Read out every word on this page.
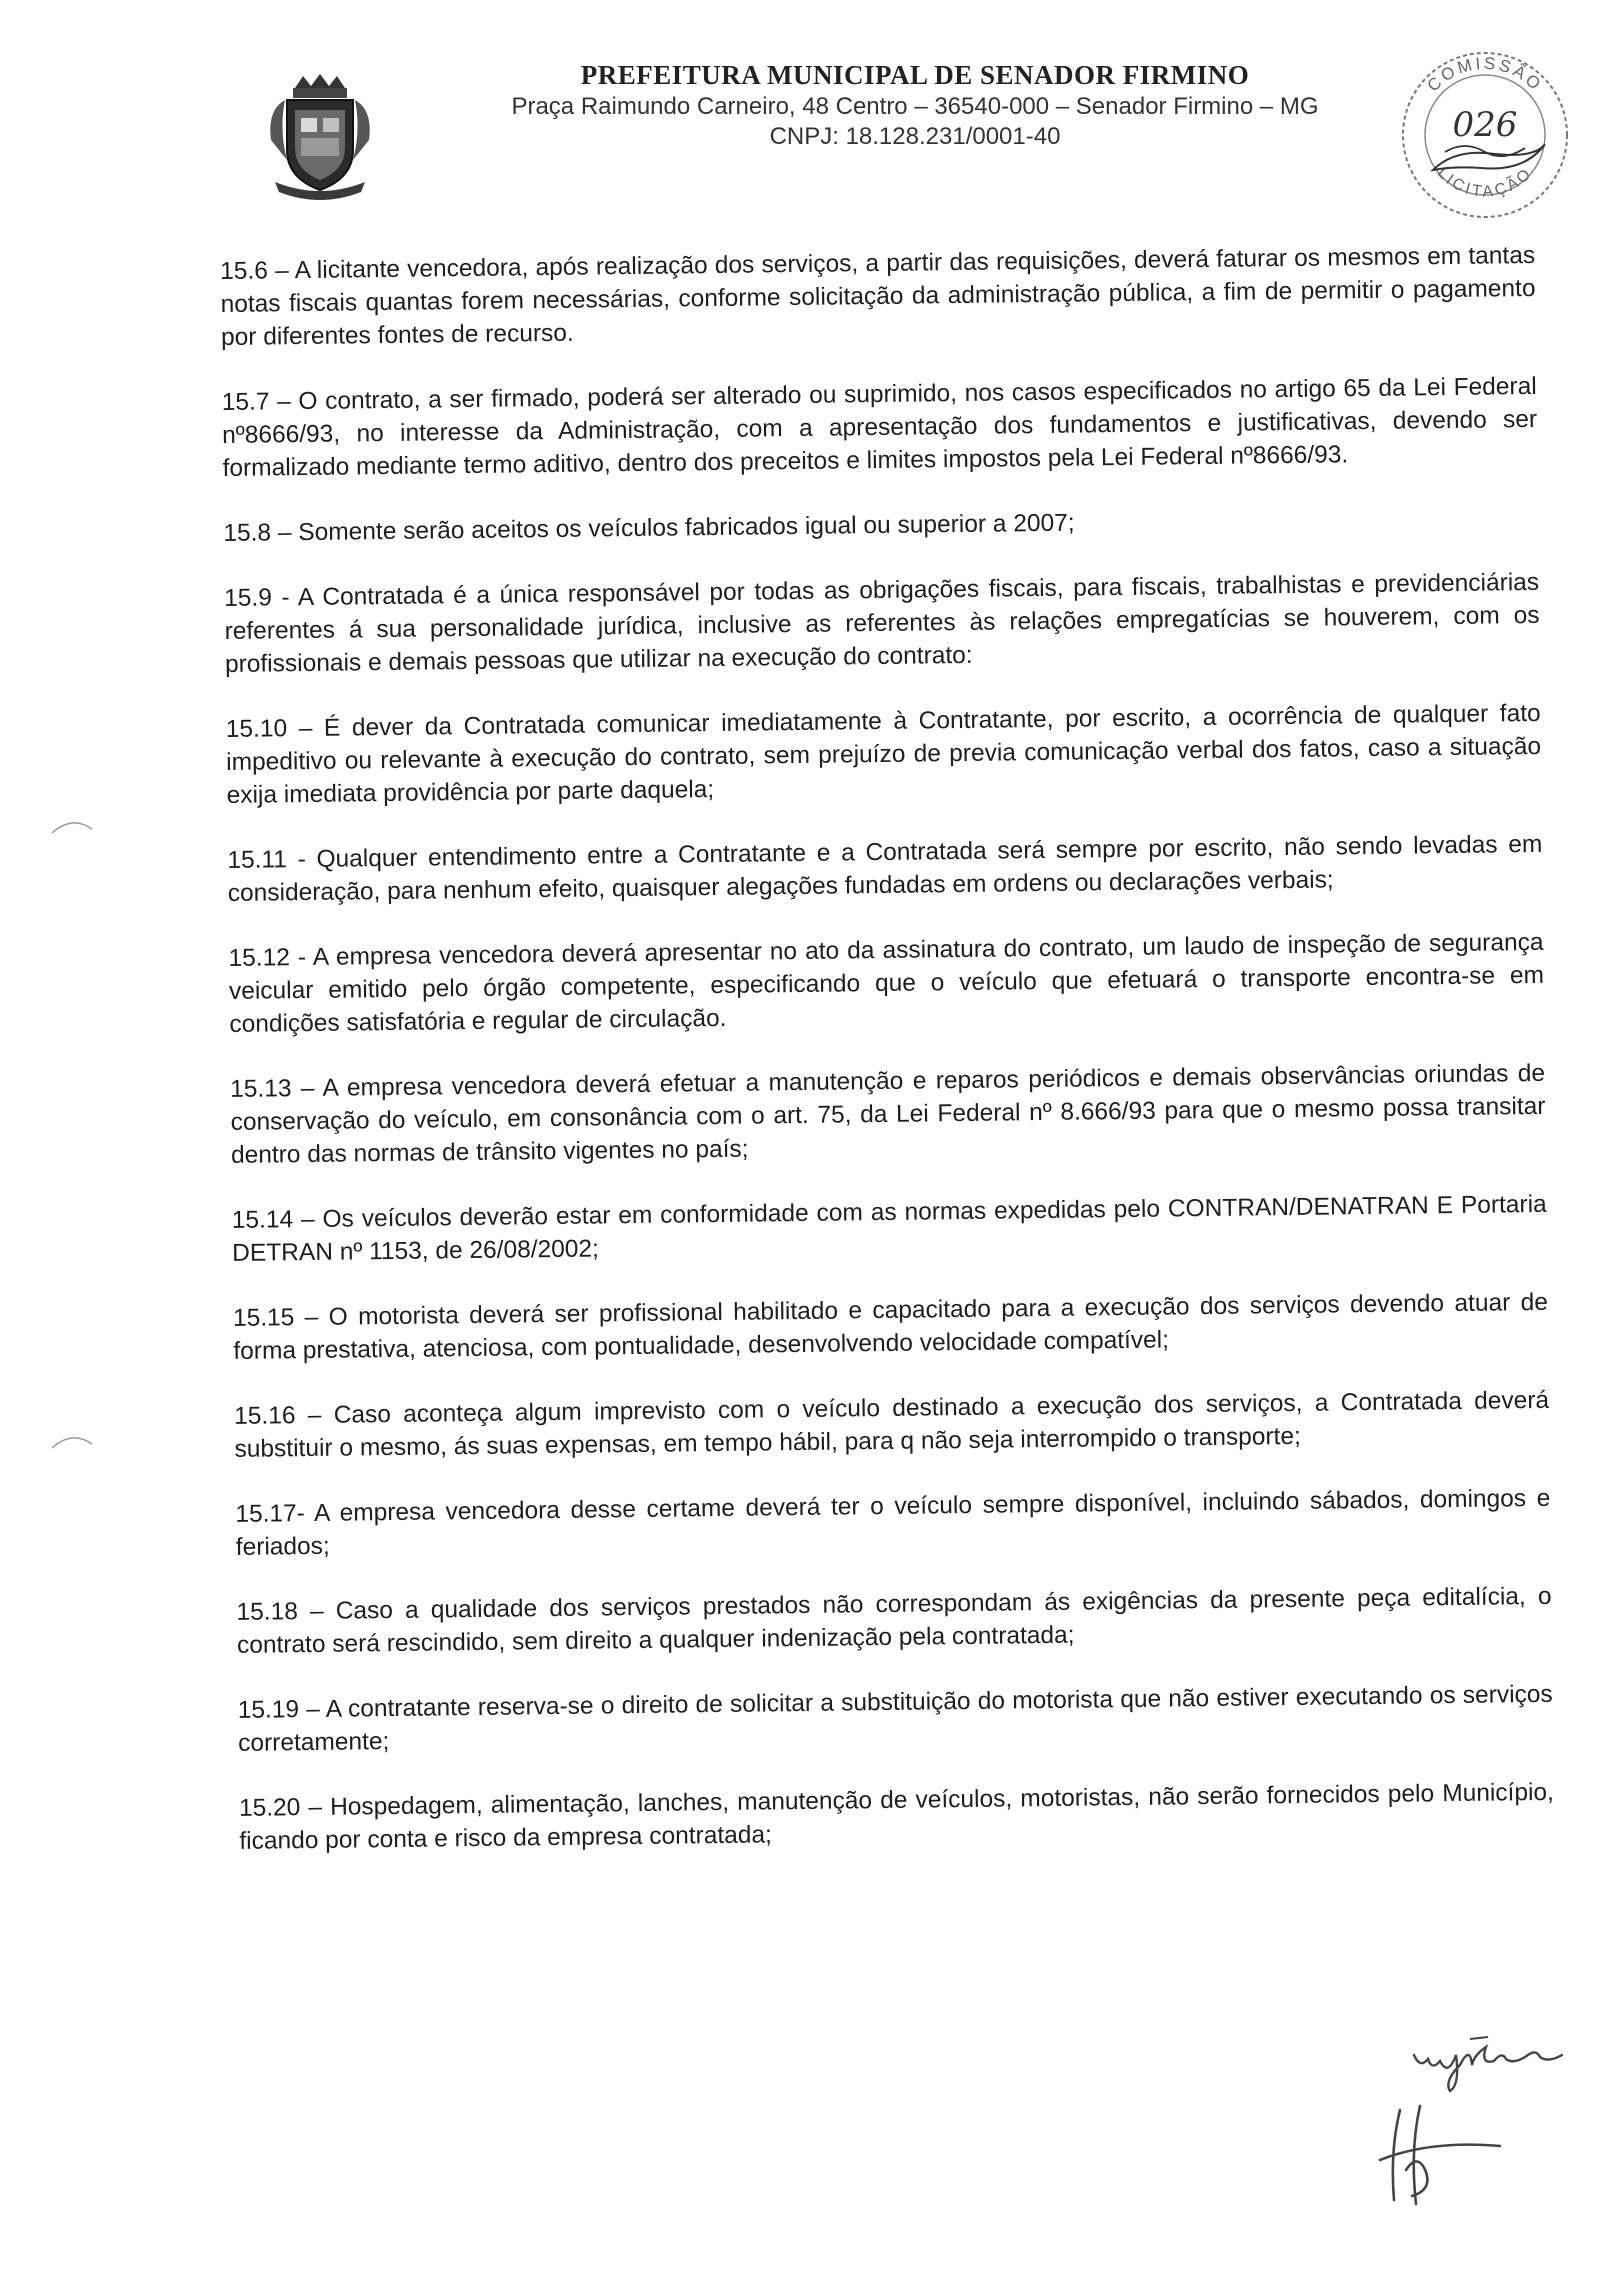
PREFEITURA MUNICIPAL DE SENADOR FIRMINO
Praça Raimundo Carneiro, 48 Centro – 36540-000 – Senador Firmino – MG
CNPJ: 18.128.231/0001-40
COMISSÃO
LICITAÇÃO
026

15.6 – A licitante vencedora, após realização dos serviços, a partir das requisições, deverá faturar os mesmos em tantas notas fiscais quantas forem necessárias, conforme solicitação da administração pública, a fim de permitir o pagamento por diferentes fontes de recurso.

15.7 – O contrato, a ser firmado, poderá ser alterado ou suprimido, nos casos especificados no artigo 65 da Lei Federal nº8666/93, no interesse da Administração, com a apresentação dos fundamentos e justificativas, devendo ser formalizado mediante termo aditivo, dentro dos preceitos e limites impostos pela Lei Federal nº8666/93.

15.8 – Somente serão aceitos os veículos fabricados igual ou superior a 2007;

15.9 - A Contratada é a única responsável por todas as obrigações fiscais, para fiscais, trabalhistas e previdenciárias referentes á sua personalidade jurídica, inclusive as referentes às relações empregatícias se houverem, com os profissionais e demais pessoas que utilizar na execução do contrato:

15.10 – É dever da Contratada comunicar imediatamente à Contratante, por escrito, a ocorrência de qualquer fato impeditivo ou relevante à execução do contrato, sem prejuízo de previa comunicação verbal dos fatos, caso a situação exija imediata providência por parte daquela;

15.11 - Qualquer entendimento entre a Contratante e a Contratada será sempre por escrito, não sendo levadas em consideração, para nenhum efeito, quaisquer alegações fundadas em ordens ou declarações verbais;

15.12 - A empresa vencedora deverá apresentar no ato da assinatura do contrato, um laudo de inspeção de segurança veicular emitido pelo órgão competente, especificando que o veículo que efetuará o transporte encontra-se em condições satisfatória e regular de circulação.

15.13 – A empresa vencedora deverá efetuar a manutenção e reparos periódicos e demais observâncias oriundas de conservação do veículo, em consonância com o art. 75, da Lei Federal nº 8.666/93 para que o mesmo possa transitar dentro das normas de trânsito vigentes no país;

15.14 – Os veículos deverão estar em conformidade com as normas expedidas pelo CONTRAN/DENATRAN E Portaria DETRAN nº 1153, de 26/08/2002;

15.15 – O motorista deverá ser profissional habilitado e capacitado para a execução dos serviços devendo atuar de forma prestativa, atenciosa, com pontualidade, desenvolvendo velocidade compatível;

15.16 – Caso aconteça algum imprevisto com o veículo destinado a execução dos serviços, a Contratada deverá substituir o mesmo, ás suas expensas, em tempo hábil, para q não seja interrompido o transporte;

15.17- A empresa vencedora desse certame deverá ter o veículo sempre disponível, incluindo sábados, domingos e feriados;

15.18 – Caso a qualidade dos serviços prestados não correspondam ás exigências da presente peça editalícia, o contrato será rescindido, sem direito a qualquer indenização pela contratada;

15.19 – A contratante reserva-se o direito de solicitar a substituição do motorista que não estiver executando os serviços corretamente;

15.20 – Hospedagem, alimentação, lanches, manutenção de veículos, motoristas, não serão fornecidos pelo Município, ficando por conta e risco da empresa contratada;
